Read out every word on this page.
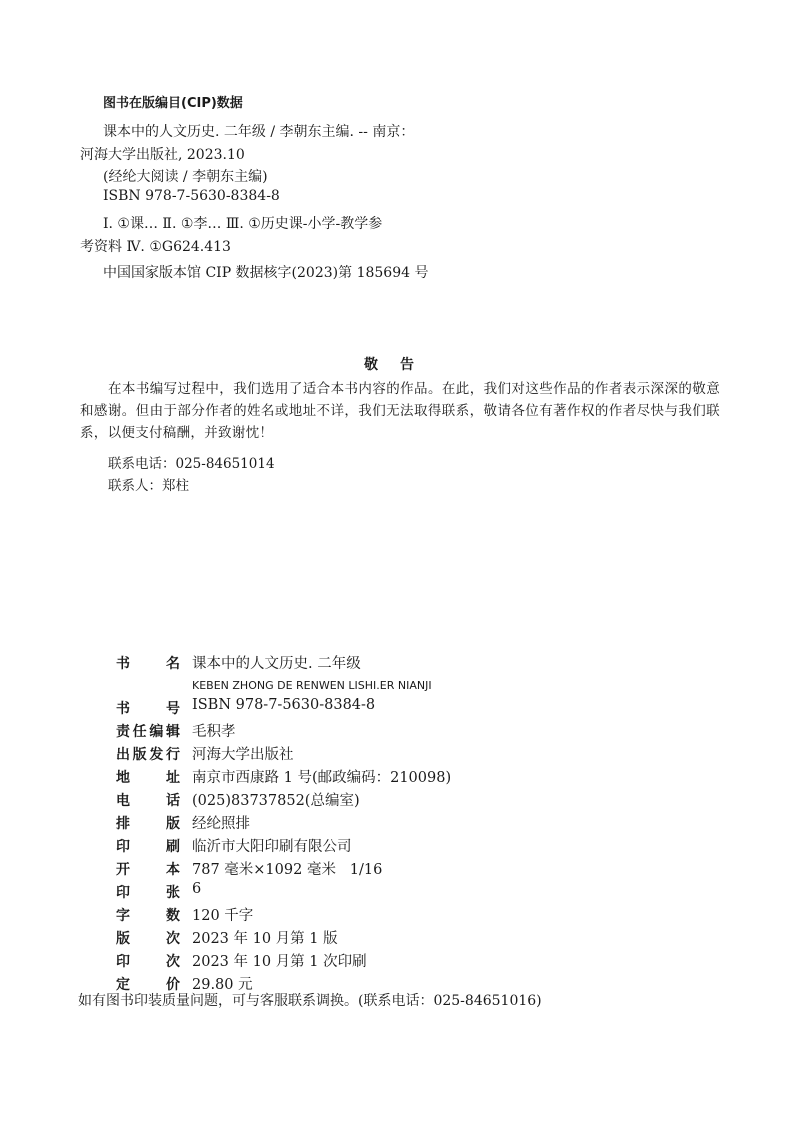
图书在版编目(CIP)数据
课本中的人文历史. 二年级 / 李朝东主编. -- 南京：
河海大学出版社, 2023.10
(经纶大阅读 / 李朝东主编)
ISBN 978-7-5630-8384-8
Ⅰ. ①课… Ⅱ. ①李… Ⅲ. ①历史课-小学-教学参
考资料 Ⅳ. ①G624.413
中国国家版本馆 CIP 数据核字(2023)第 185694 号
敬告
在本书编写过程中，我们选用了适合本书内容的作品。在此，我们对这些作品的作者表示深深的敬意和感谢。但由于部分作者的姓名或地址不详，我们无法取得联系，敬请各位有著作权的作者尽快与我们联系，以便支付稿酬，并致谢忱！
联系电话：025-84651014
联系人：郑柱
书名 课本中的人文历史. 二年级
KEBEN ZHONG DE RENWEN LISHI.ER NIANJI
书号 ISBN 978-7-5630-8384-8
责任编辑 毛积孝
出版发行 河海大学出版社
地址 南京市西康路 1 号(邮政编码：210098)
电话 (025)83737852(总编室)
排版 经纶照排
印刷 临沂市大阳印刷有限公司
开本 787 毫米×1092 毫米   1/16
印张 6
字数 120 千字
版次 2023 年 10 月第 1 版
印次 2023 年 10 月第 1 次印刷
定价 29.80 元
如有图书印装质量问题，可与客服联系调换。(联系电话：025-84651016)
